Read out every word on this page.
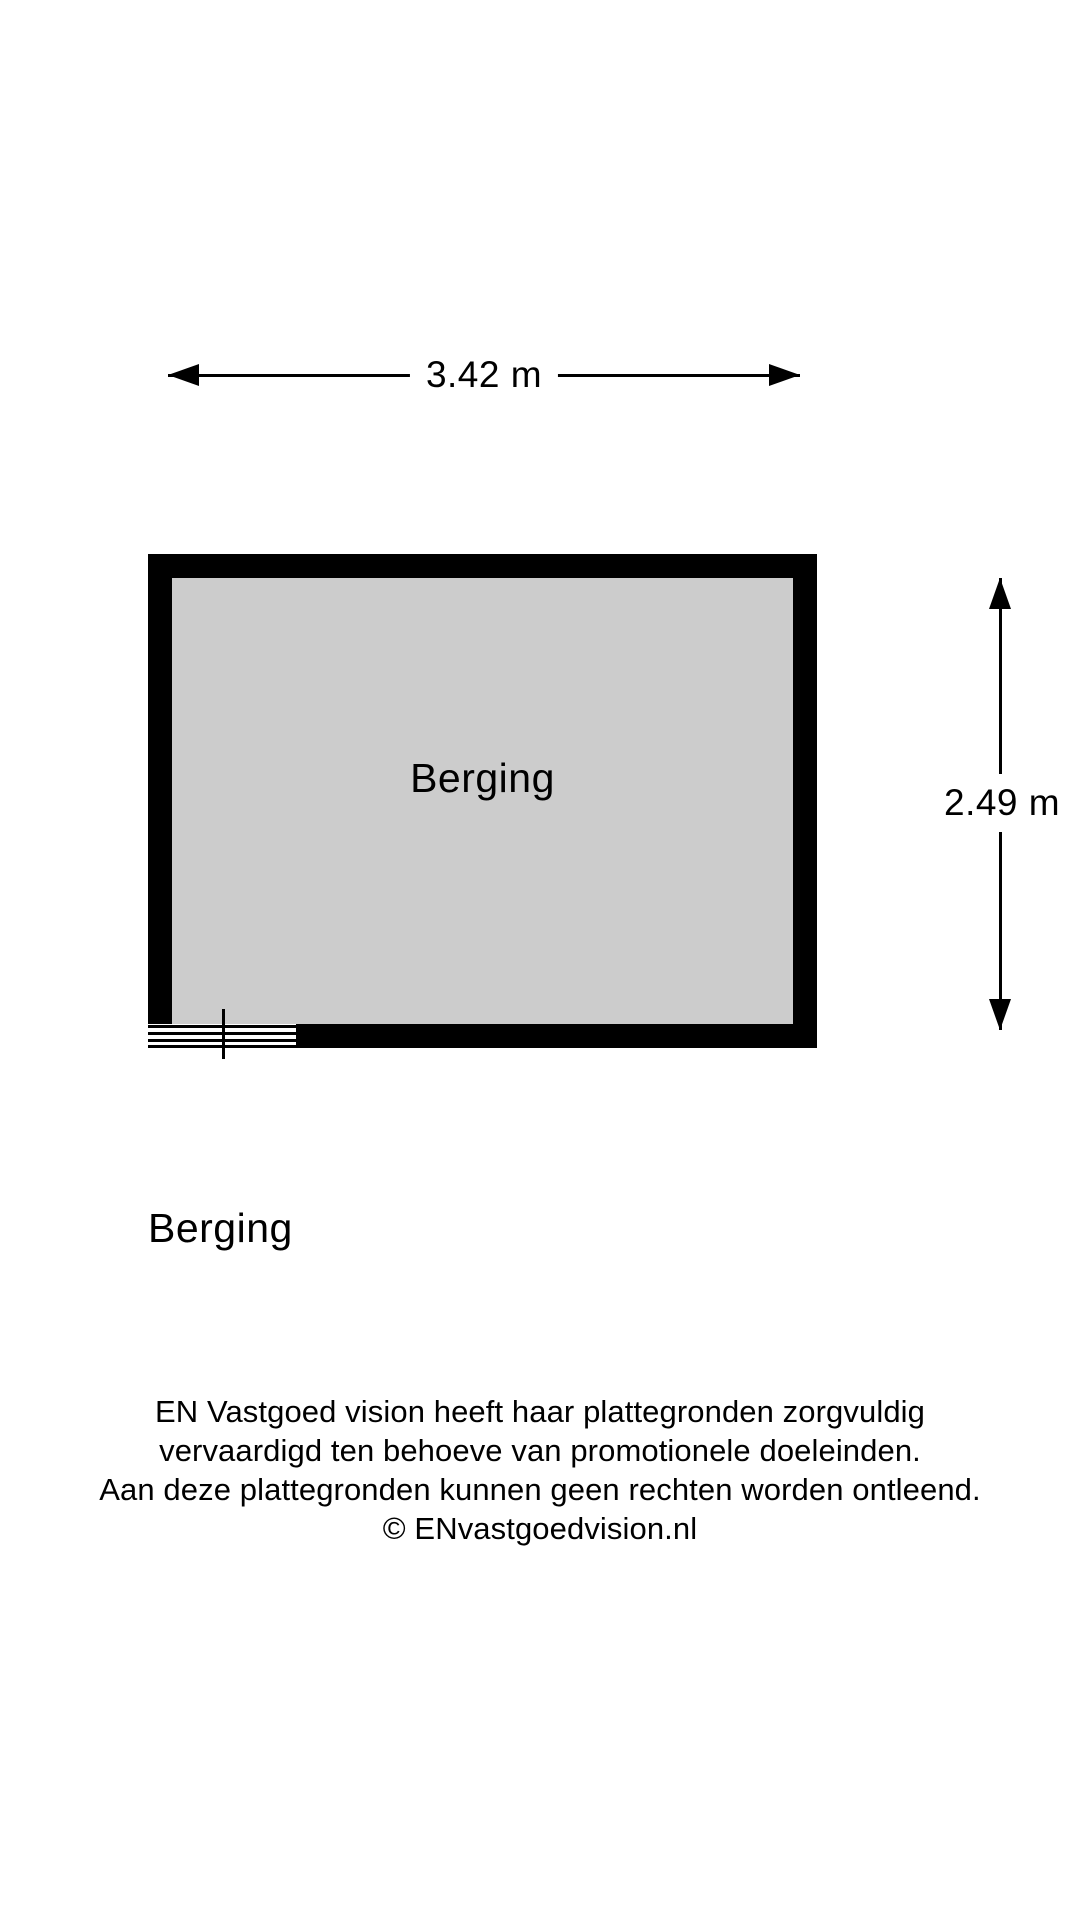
3.42 m
2.49 m
Berging
Berging
EN Vastgoed vision heeft haar plattegronden zorgvuldig
vervaardigd ten behoeve van promotionele doeleinden.
Aan deze plattegronden kunnen geen rechten worden ontleend.
© ENvastgoedvision.nl
